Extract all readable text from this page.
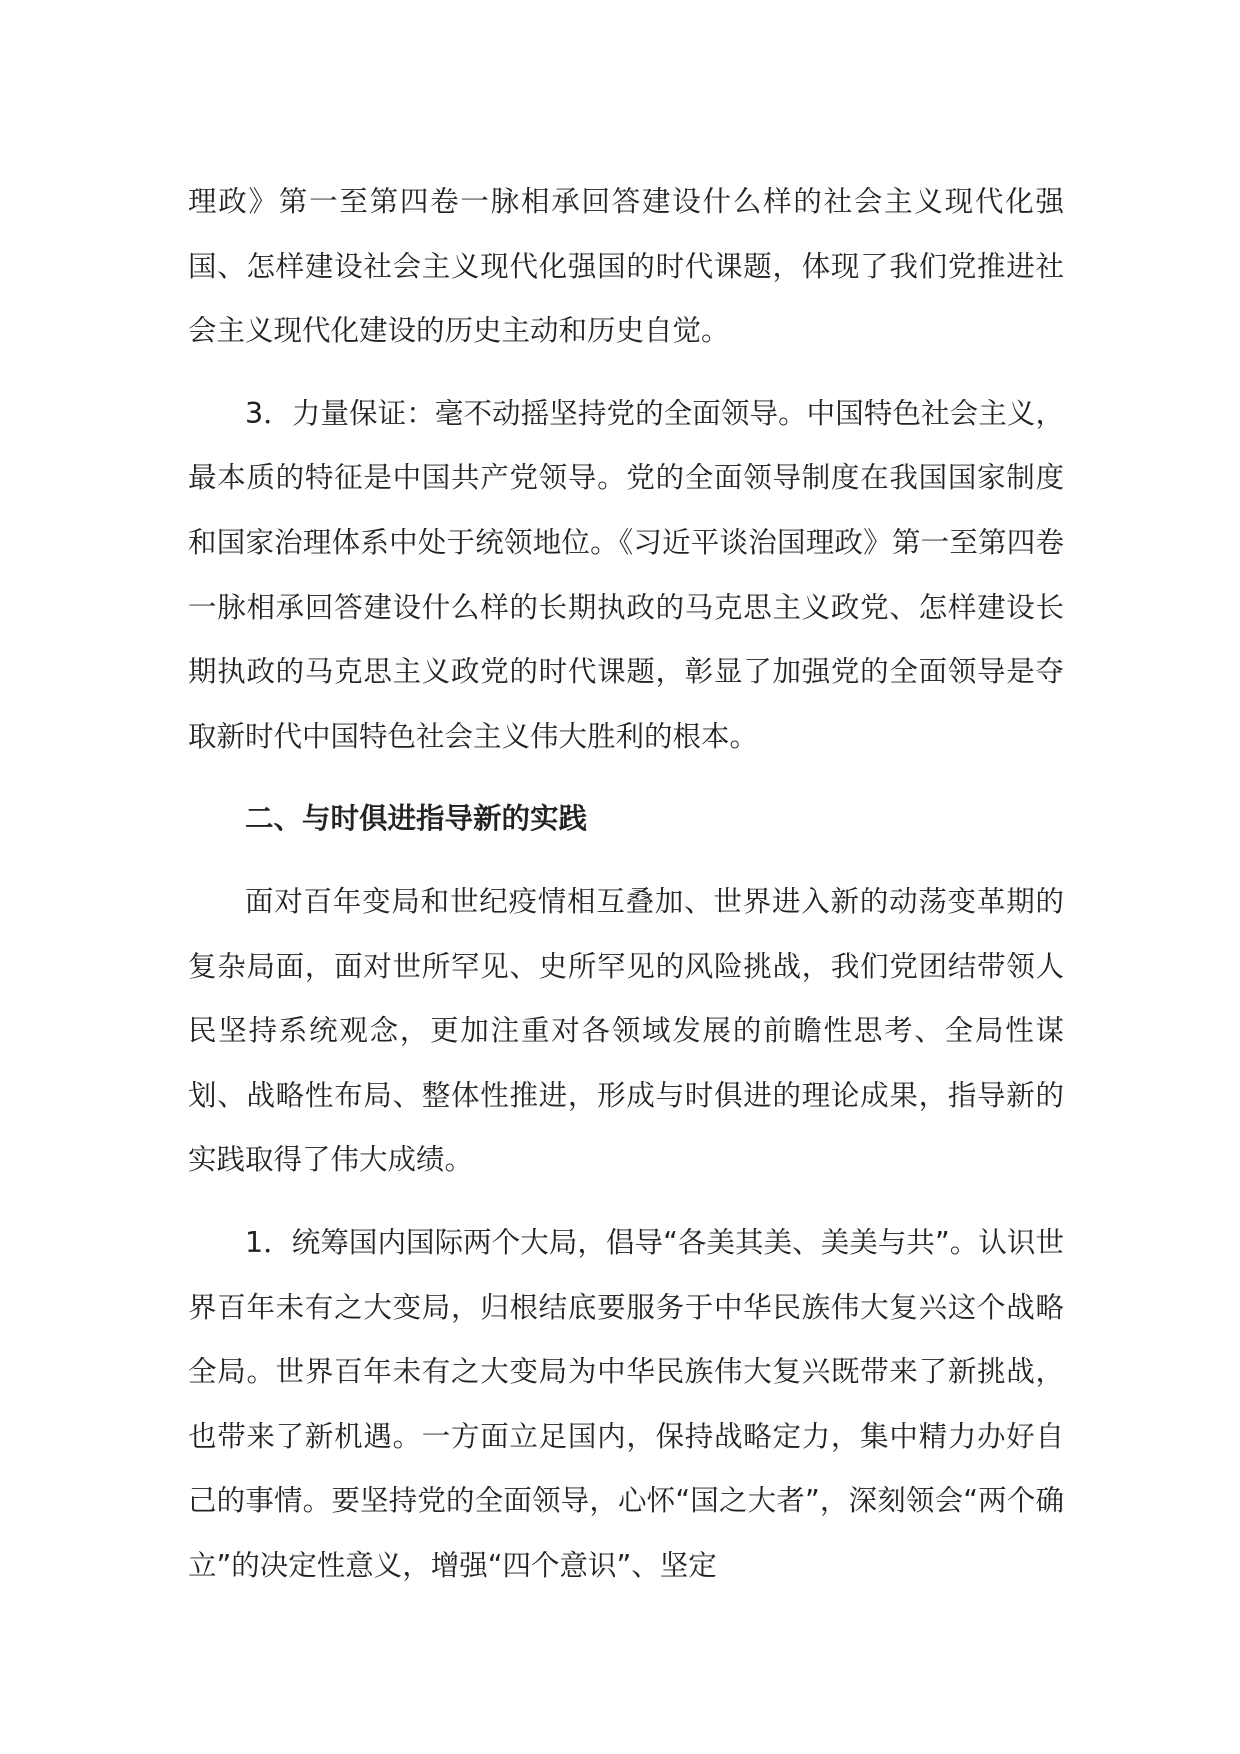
理政》第一至第四卷一脉相承回答建设什么样的社会主义现代化强国、怎样建设社会主义现代化强国的时代课题，体现了我们党推进社会主义现代化建设的历史主动和历史自觉。

3．力量保证：毫不动摇坚持党的全面领导。中国特色社会主义，最本质的特征是中国共产党领导。党的全面领导制度在我国国家制度和国家治理体系中处于统领地位。《习近平谈治国理政》第一至第四卷一脉相承回答建设什么样的长期执政的马克思主义政党、怎样建设长期执政的马克思主义政党的时代课题，彰显了加强党的全面领导是夺取新时代中国特色社会主义伟大胜利的根本。

二、与时俱进指导新的实践

面对百年变局和世纪疫情相互叠加、世界进入新的动荡变革期的复杂局面，面对世所罕见、史所罕见的风险挑战，我们党团结带领人民坚持系统观念，更加注重对各领域发展的前瞻性思考、全局性谋划、战略性布局、整体性推进，形成与时俱进的理论成果，指导新的实践取得了伟大成绩。

1．统筹国内国际两个大局，倡导“各美其美、美美与共”。认识世界百年未有之大变局，归根结底要服务于中华民族伟大复兴这个战略全局。世界百年未有之大变局为中华民族伟大复兴既带来了新挑战，也带来了新机遇。一方面立足国内，保持战略定力，集中精力办好自己的事情。要坚持党的全面领导，心怀“国之大者”，深刻领会“两个确立”的决定性意义，增强“四个意识”、坚定
